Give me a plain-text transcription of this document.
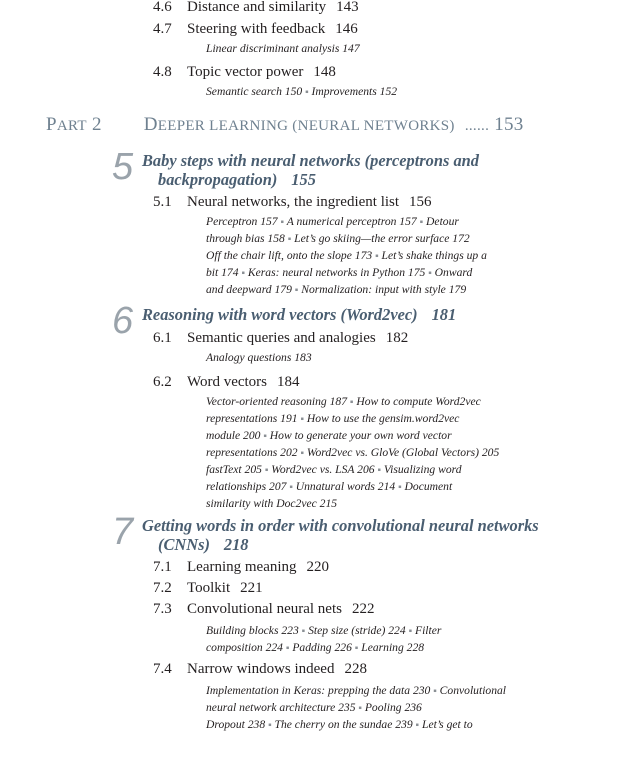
4.6 Distance and similarity 143
4.7 Steering with feedback 146
Linear discriminant analysis 147
4.8 Topic vector power 148
Semantic search 150 ▪ Improvements 152
PART 2 DEEPER LEARNING (NEURAL NETWORKS) ...... 153
5 Baby steps with neural networks (perceptrons and
backpropagation) 155
5.1 Neural networks, the ingredient list 156
Perceptron 157 ▪ A numerical perceptron 157 ▪ Detour
through bias 158 ▪ Let’s go skiing—the error surface 172
Off the chair lift, onto the slope 173 ▪ Let’s shake things up a
bit 174 ▪ Keras: neural networks in Python 175 ▪ Onward
and deepward 179 ▪ Normalization: input with style 179
6 Reasoning with word vectors (Word2vec) 181
6.1 Semantic queries and analogies 182
Analogy questions 183
6.2 Word vectors 184
Vector-oriented reasoning 187 ▪ How to compute Word2vec
representations 191 ▪ How to use the gensim.word2vec
module 200 ▪ How to generate your own word vector
representations 202 ▪ Word2vec vs. GloVe (Global Vectors) 205
fastText 205 ▪ Word2vec vs. LSA 206 ▪ Visualizing word
relationships 207 ▪ Unnatural words 214 ▪ Document
similarity with Doc2vec 215
7 Getting words in order with convolutional neural networks
(CNNs) 218
7.1 Learning meaning 220
7.2 Toolkit 221
7.3 Convolutional neural nets 222
Building blocks 223 ▪ Step size (stride) 224 ▪ Filter
composition 224 ▪ Padding 226 ▪ Learning 228
7.4 Narrow windows indeed 228
Implementation in Keras: prepping the data 230 ▪ Convolutional
neural network architecture 235 ▪ Pooling 236
Dropout 238 ▪ The cherry on the sundae 239 ▪ Let’s get to
